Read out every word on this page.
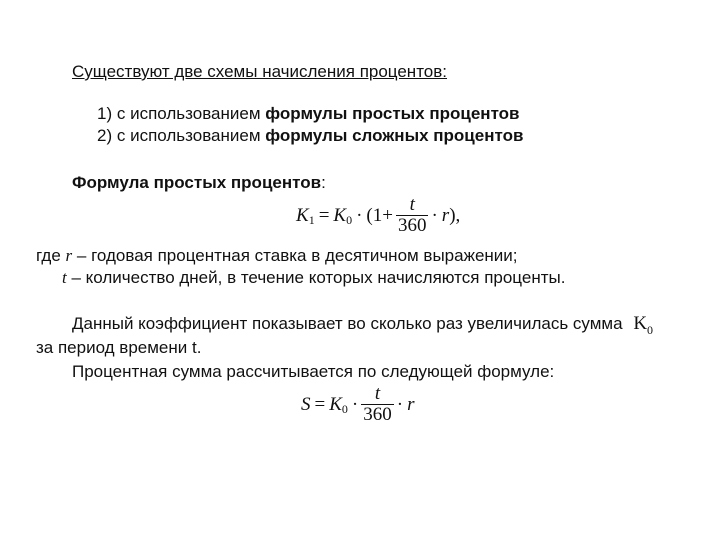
Существуют две схемы начисления процентов:

1) с использованием формулы простых процентов

2) с использованием формулы сложных процентов

Формула простых процентов:

K 1 = K $0 \cdot (1+ \frac{t}{360} \cdot r$ ),

где r – годовая процентная ставка в десятичном выражении;

t – количество дней, в течение которых начисляются проценты.

Данный коэффициент показывает во сколько раз увеличилась сумма $K_0$

за период времени t.

Процентная сумма рассчитывается по следующей формуле:

S = K $0 \cdot \frac{t}{360} \cdot r$
